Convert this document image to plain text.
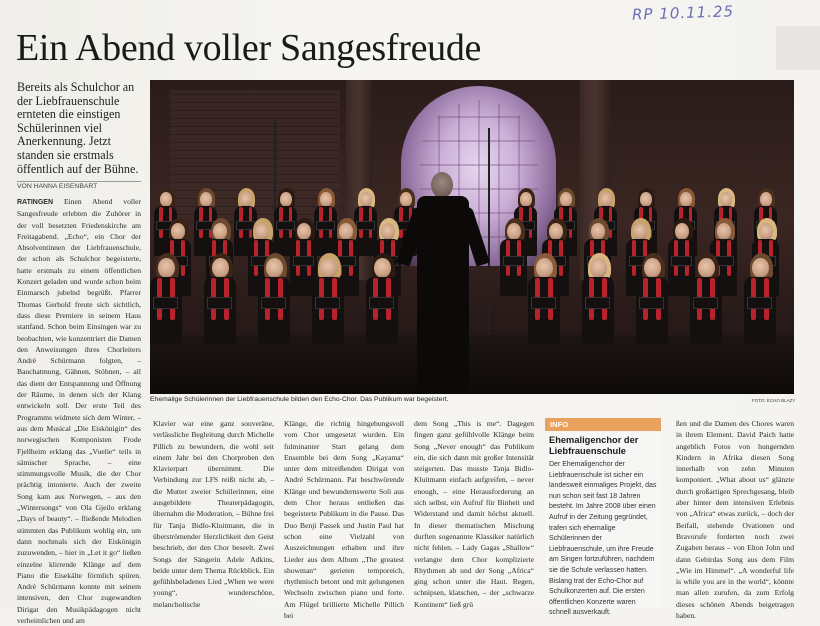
RP 10.11.25
Ein Abend voller Sangesfreude

Bereits als Schulchor an der Liebfrauenschule ernteten die einstigen Schülerinnen viel Anerkennung. Jetzt standen sie erstmals öffentlich auf der Bühne.

VON HANNA EISENBART
RATINGEN Einen Abend voller Sangesfreude erlebten die Zuhörer in der voll besetzten Friedenskirche am Freitagabend. „Echo“, ein Chor der Absolventinnen der Liebfrauenschule, der schon als Schulchor begeisterte, hatte erstmals zu einem öffentlichen Konzert geladen und wurde schon beim Einmarsch jubelnd begrüßt. Pfarrer Thomas Gerhold freute sich sichtlich, dass diese Premiere in seinem Haus stattfand. Schon beim Einsingen war zu beobachten, wie konzentriert die Damen den Anweisungen ihres Chorleiters André Schürmann folgten, – Bauchatmung, Gähnen, Stöhnen, – all das dient der Entspannung und Öffnung der Räume, in denen sich der Klang entwickeln soll. Der erste Teil des Programms widmete sich dem Winter, – aus dem Musical „Die Eiskönigin“ des norwegischen Komponisten Frode Fjellheim erklang das „Vuelie“ teils in sämischer Sprache, – eine stimmungsvolle Musik, die der Chor prächtig intonierte. Auch der zweite Song kam aus Norwegen, – aus den „Wintersongs“ von Ola Gjeilo erklang „Days of beauty“. – fließende Melodien stimmten das Publikum wohlig ein, um dann nochmals sich der Eiskönigin zuzuwenden, – hier in „Let it go“ ließen einzelne klirrende Klänge auf dem Piano die Eisekälte förmlich spüren. André Schürmann konnte mit seinem intensiven, den Chor zugewandten Dirigat den Musikpädagogen nicht verheimlichen und am
Ehemalige Schülerinnen der Liebfrauenschule bilden den Echo-Chor. Das Publikum war begeistert.	FOTO: ECHO BLAZY
Klavier war eine ganz souveräne, verlässliche Begleitung durch Michelle Pillich zu bewundern, die wohl seit einem Jahr bei den Chorproben den Klavierpart übernimmt. Die Verbindung zur LFS reißt nicht ab, – die Mutter zweier Schülerinnen, eine ausgebildete Theaterpädagogin, übernahm die Moderation, – Bühne frei für Tanja Bidlo-Kluitmann, die in überströmender Herzlichkeit den Geist beschrieb, der den Chor beseelt. Zwei Songs der Sängerin Adele Adkins, beide unter dem Thema Rückblick. Ein gefühlsbeladenes Lied „When we were young“, wunderschöne, melancholische
Klänge, die richtig hingebungsvoll vom Chor umgesetzt wurden. Ein fulminanter Start gelang dem Ensemble bei dem Song „Kayama“ unter dem mitreißenden Dirigat von André Schürmann. Pat beschwörende Klänge und bewundernswerte Soli aus dem Chor heraus entließen das begeisterte Publikum in die Pause. Das Duo Benji Passek und Justin Paul hat schon eine Vielzahl von Auszeichnungen erhalten und ihre Lieder aus dem Album „The greatest showman“ gerieten temporeich, rhythmisch betont und mit gelungenen Wechseln zwischen piano und forte. Am Flügel brillierte Michelle Pillich bei
dem Song „This is me“. Dagegen fingen ganz gefühlvolle Klänge beim Song „Never enough“ das Publikum ein, die sich dann mit großer Intensität steigerten. Das musste Tanja Bidlo-Kluitmann einfach aufgreifen, – never enough, – eine Herausforderung an sich selbst, ein Aufruf für Binheit und Widerstand und damit höchst aktuell. In dieser thematischen Mischung durften sogenannte Klassiker natürlich nicht fehlen. – Lady Gagas „Shallow“ verlangte dem Chor komplizierte Rhythmen ab und der Song „Africa“ ging schon unter die Haut. Regen, schnipsen, klatschen, – der „schwarze Kontinent“ ließ grü
INFO
Ehemaligenchor der Liebfrauenschule
Der Ehemaligenchor der Liebfrauenschule ist sicher ein landesweit einmaliges Projekt, das nun schon seit fast 18 Jahren besteht. Im Jahre 2008 über einen Aufruf in der Zeitung gegründet, trafen sich ehemalige Schülerinnen der Liebfrauenschule, um ihre Freude am Singen fortzuführen, nachdem sie die Schule verlassen hatten. Bislang trat der Echo-Chor auf Schulkonzerten auf. Die ersten öffentlichen Konzerte waren schnell ausverkauft.
ßen und die Damen des Chores waren in ihrem Element. David Paich hatte angeblich Fotos von hungernden Kindern in Afrika diesen Song innerhalb von zehn Minuten komponiert. „What about us“ glänzte durch großartigen Sprechgesang, bleib aber hinter dem intensiven Erlebnis von „Africa“ etwas zurück, – doch der Beifall, stehende Ovationen und Bravorufe forderten noch zwei Zugaben heraus – von Elton John und dann Gebirdas Song aus dem Film „Wie im Himmel“. „A wonderful life is while you are in the world“, könnte man allen zurufen, da zum Erfolg dieses schönen Abends beigetragen haben.
